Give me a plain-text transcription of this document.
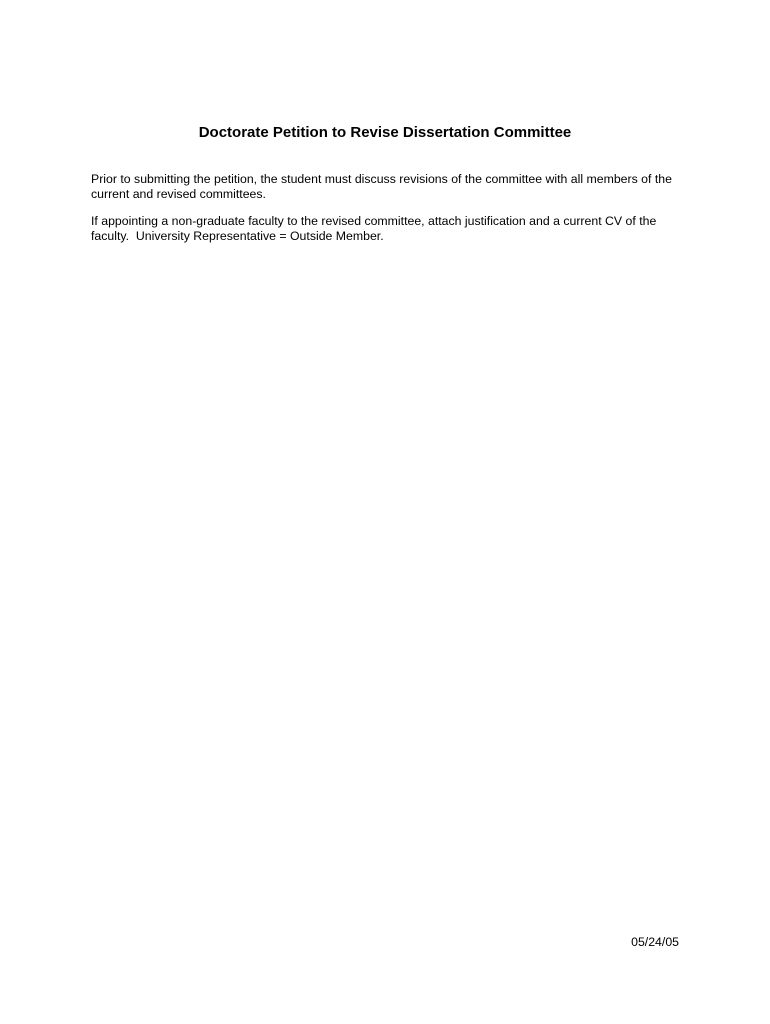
Doctorate Petition to Revise Dissertation Committee

Prior to submitting the petition, the student must discuss revisions of the committee with all members of the current and revised committees.

If appointing a non-graduate faculty to the revised committee, attach justification and a current CV of the faculty.  University Representative = Outside Member.

05/24/05
